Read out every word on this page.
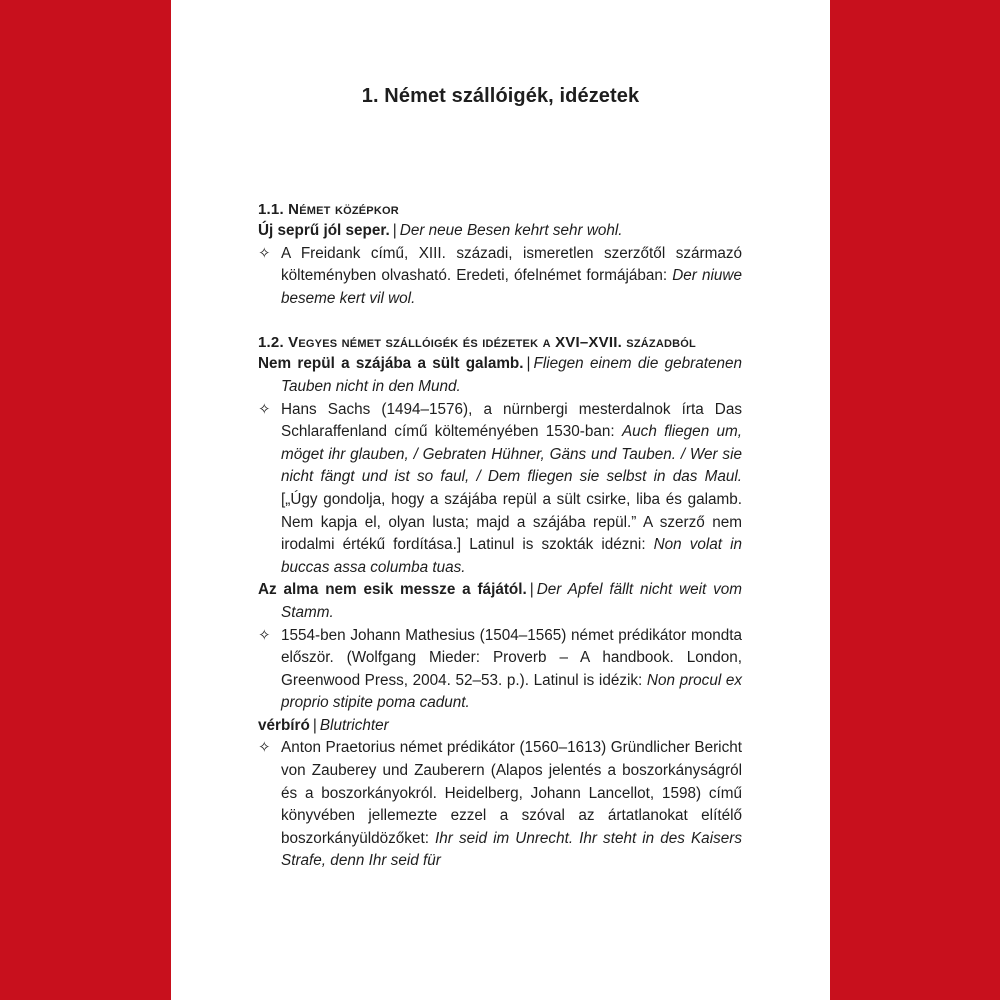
1. Német szállóigék, idézetek
1.1. Német középkor
Új seprű jól seper. | Der neue Besen kehrt sehr wohl.
✧ A Freidank című, XIII. századi, ismeretlen szerzőtől származó költeményben olvasható. Eredeti, ófelnémet formájában: Der niuwe beseme kert vil wol.
1.2. Vegyes német szállóigék és idézetek a XVI–XVII. századból
Nem repül a szájába a sült galamb. | Fliegen einem die gebratenen Tauben nicht in den Mund.
✧ Hans Sachs (1494–1576), a nürnbergi mesterdalnok írta Das Schlaraffenland című költeményében 1530-ban: Auch fliegen um, möget ihr glauben, / Gebraten Hühner, Gäns und Tauben. / Wer sie nicht fängt und ist so faul, / Dem fliegen sie selbst in das Maul. [„Úgy gondolja, hogy a szájába repül a sült csirke, liba és galamb. Nem kapja el, olyan lusta; majd a szájába repül.” A szerző nem irodalmi értékű fordítása.] Latinul is szokták idézni: Non volat in buccas assa columba tuas.
Az alma nem esik messze a fájától. | Der Apfel fällt nicht weit vom Stamm.
✧ 1554-ben Johann Mathesius (1504–1565) német prédikátor mondta először. (Wolfgang Mieder: Proverb – A handbook. London, Greenwood Press, 2004. 52–53. p.). Latinul is idézik: Non procul ex proprio stipite poma cadunt.
vérbíró | Blutrichter
✧ Anton Praetorius német prédikátor (1560–1613) Gründlicher Bericht von Zauberey und Zauberern (Alapos jelentés a boszorkányságról és a boszorkányokról. Heidelberg, Johann Lancellot, 1598) című könyvében jellemezte ezzel a szóval az ártatlanokat elítélő boszorkányüldözőket: Ihr seid im Unrecht. Ihr steht in des Kaisers Strafe, denn Ihr seid für
